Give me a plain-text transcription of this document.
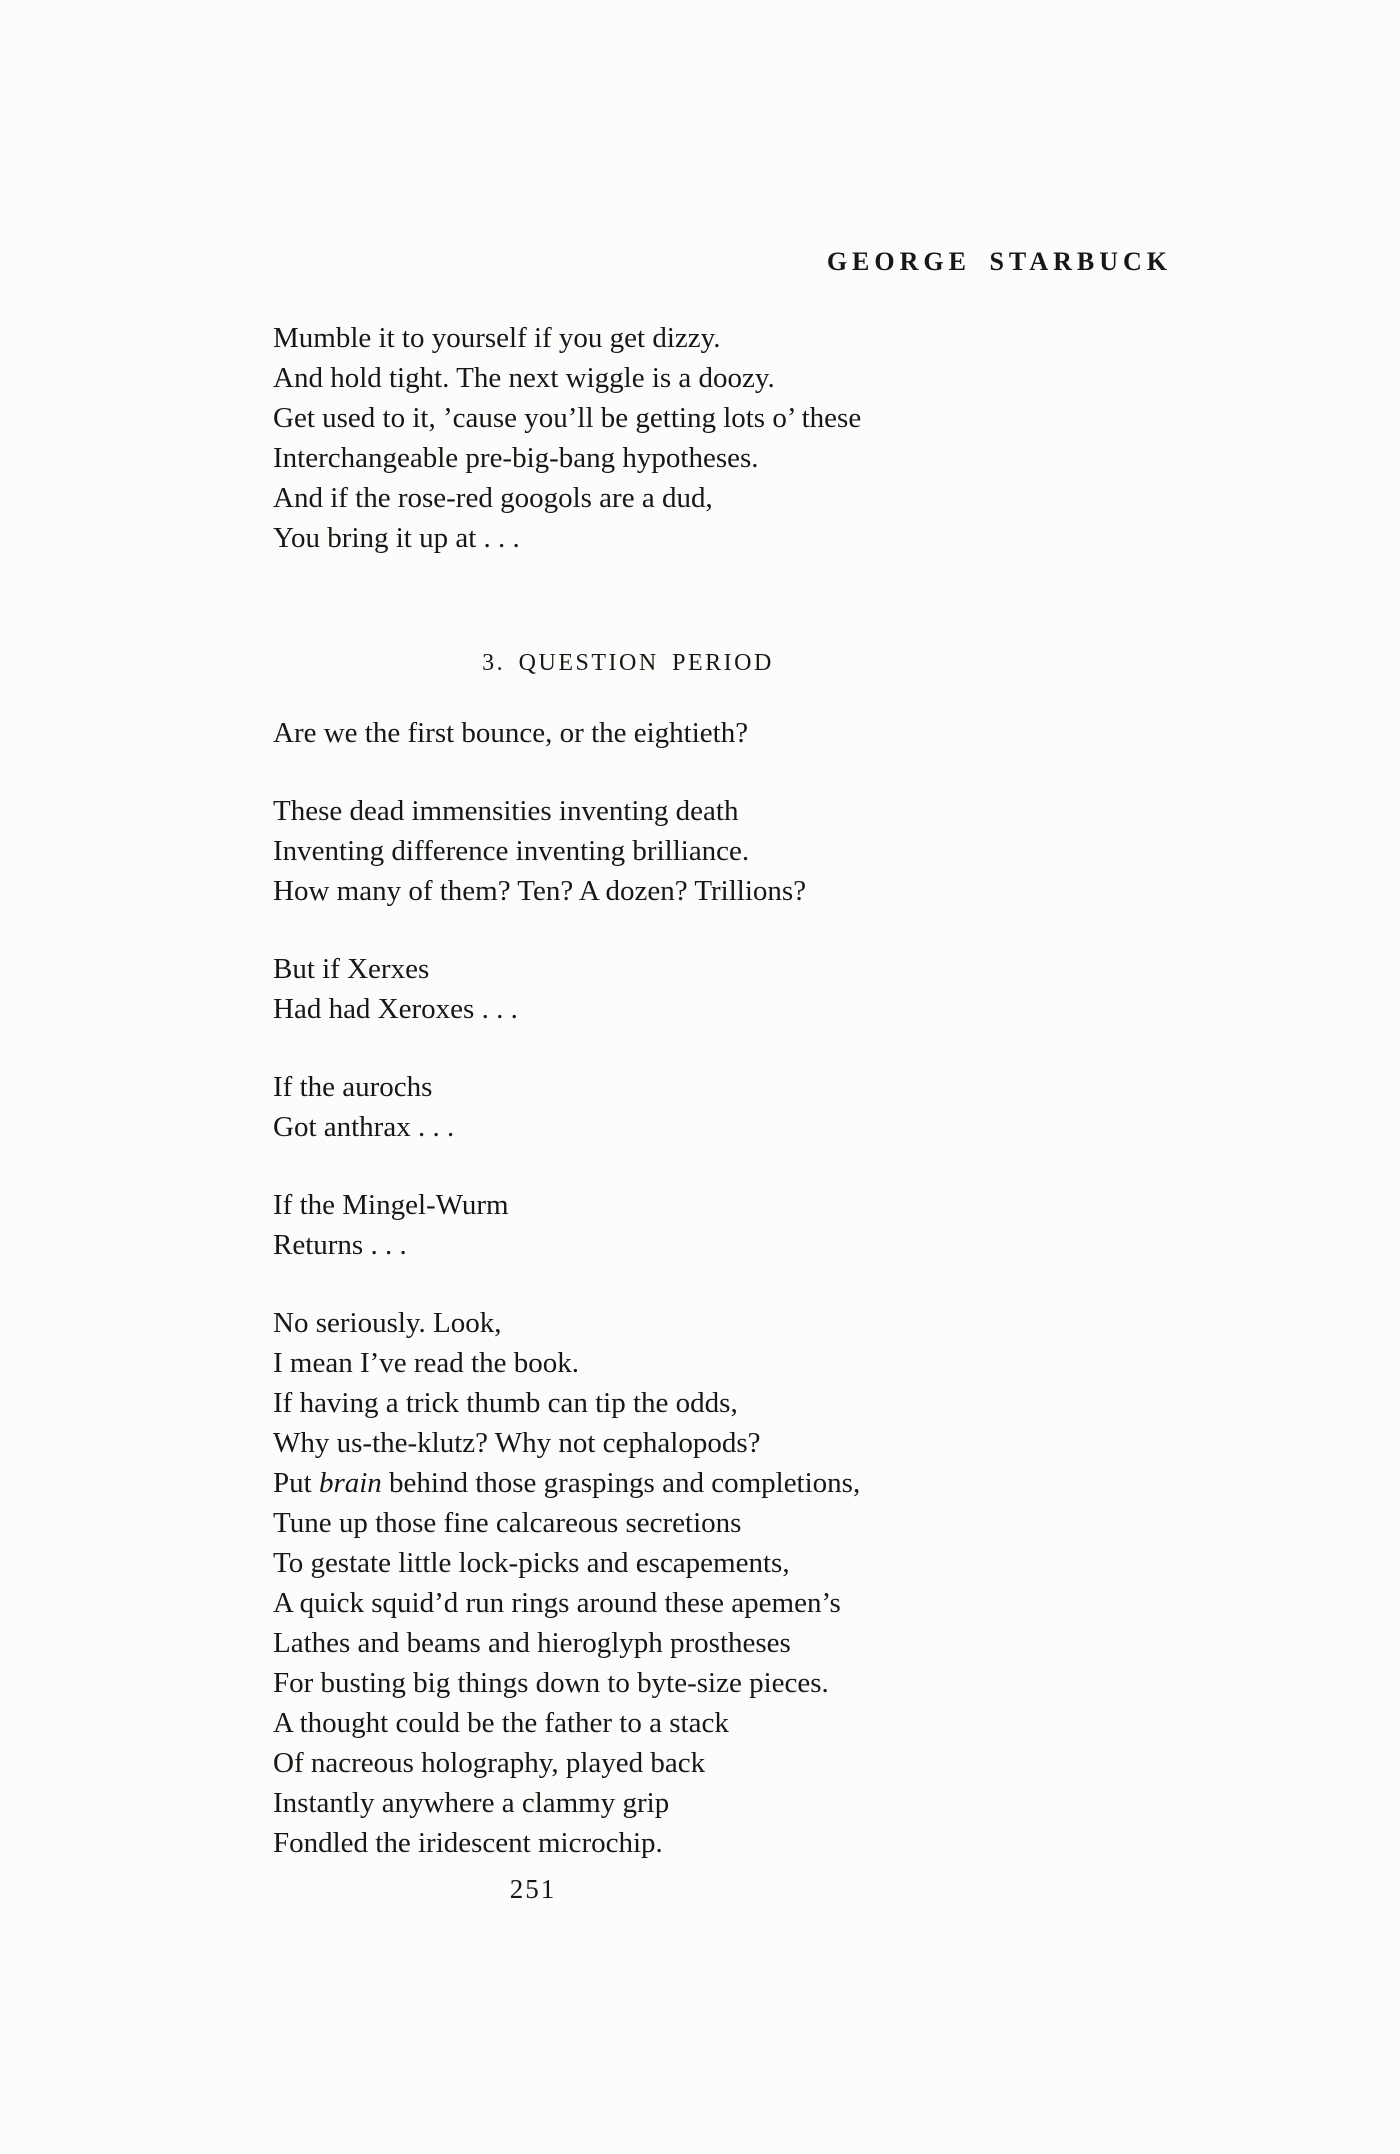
GEORGE STARBUCK
Mumble it to yourself if you get dizzy.
And hold tight. The next wiggle is a doozy.
Get used to it, ’cause you’ll be getting lots o’ these
Interchangeable pre-big-bang hypotheses.
And if the rose-red googols are a dud,
You bring it up at . . .
3. QUESTION PERIOD
Are we the first bounce, or the eightieth?
These dead immensities inventing death
Inventing difference inventing brilliance.
How many of them? Ten? A dozen? Trillions?
But if Xerxes
Had had Xeroxes . . .
If the aurochs
Got anthrax . . .
If the Mingel-Wurm
Returns . . .
No seriously. Look,
I mean I’ve read the book.
If having a trick thumb can tip the odds,
Why us-the-klutz? Why not cephalopods?
Put brain behind those graspings and completions,
Tune up those fine calcareous secretions
To gestate little lock-picks and escapements,
A quick squid’d run rings around these apemen’s
Lathes and beams and hieroglyph prostheses
For busting big things down to byte-size pieces.
A thought could be the father to a stack
Of nacreous holography, played back
Instantly anywhere a clammy grip
Fondled the iridescent microchip.
251
